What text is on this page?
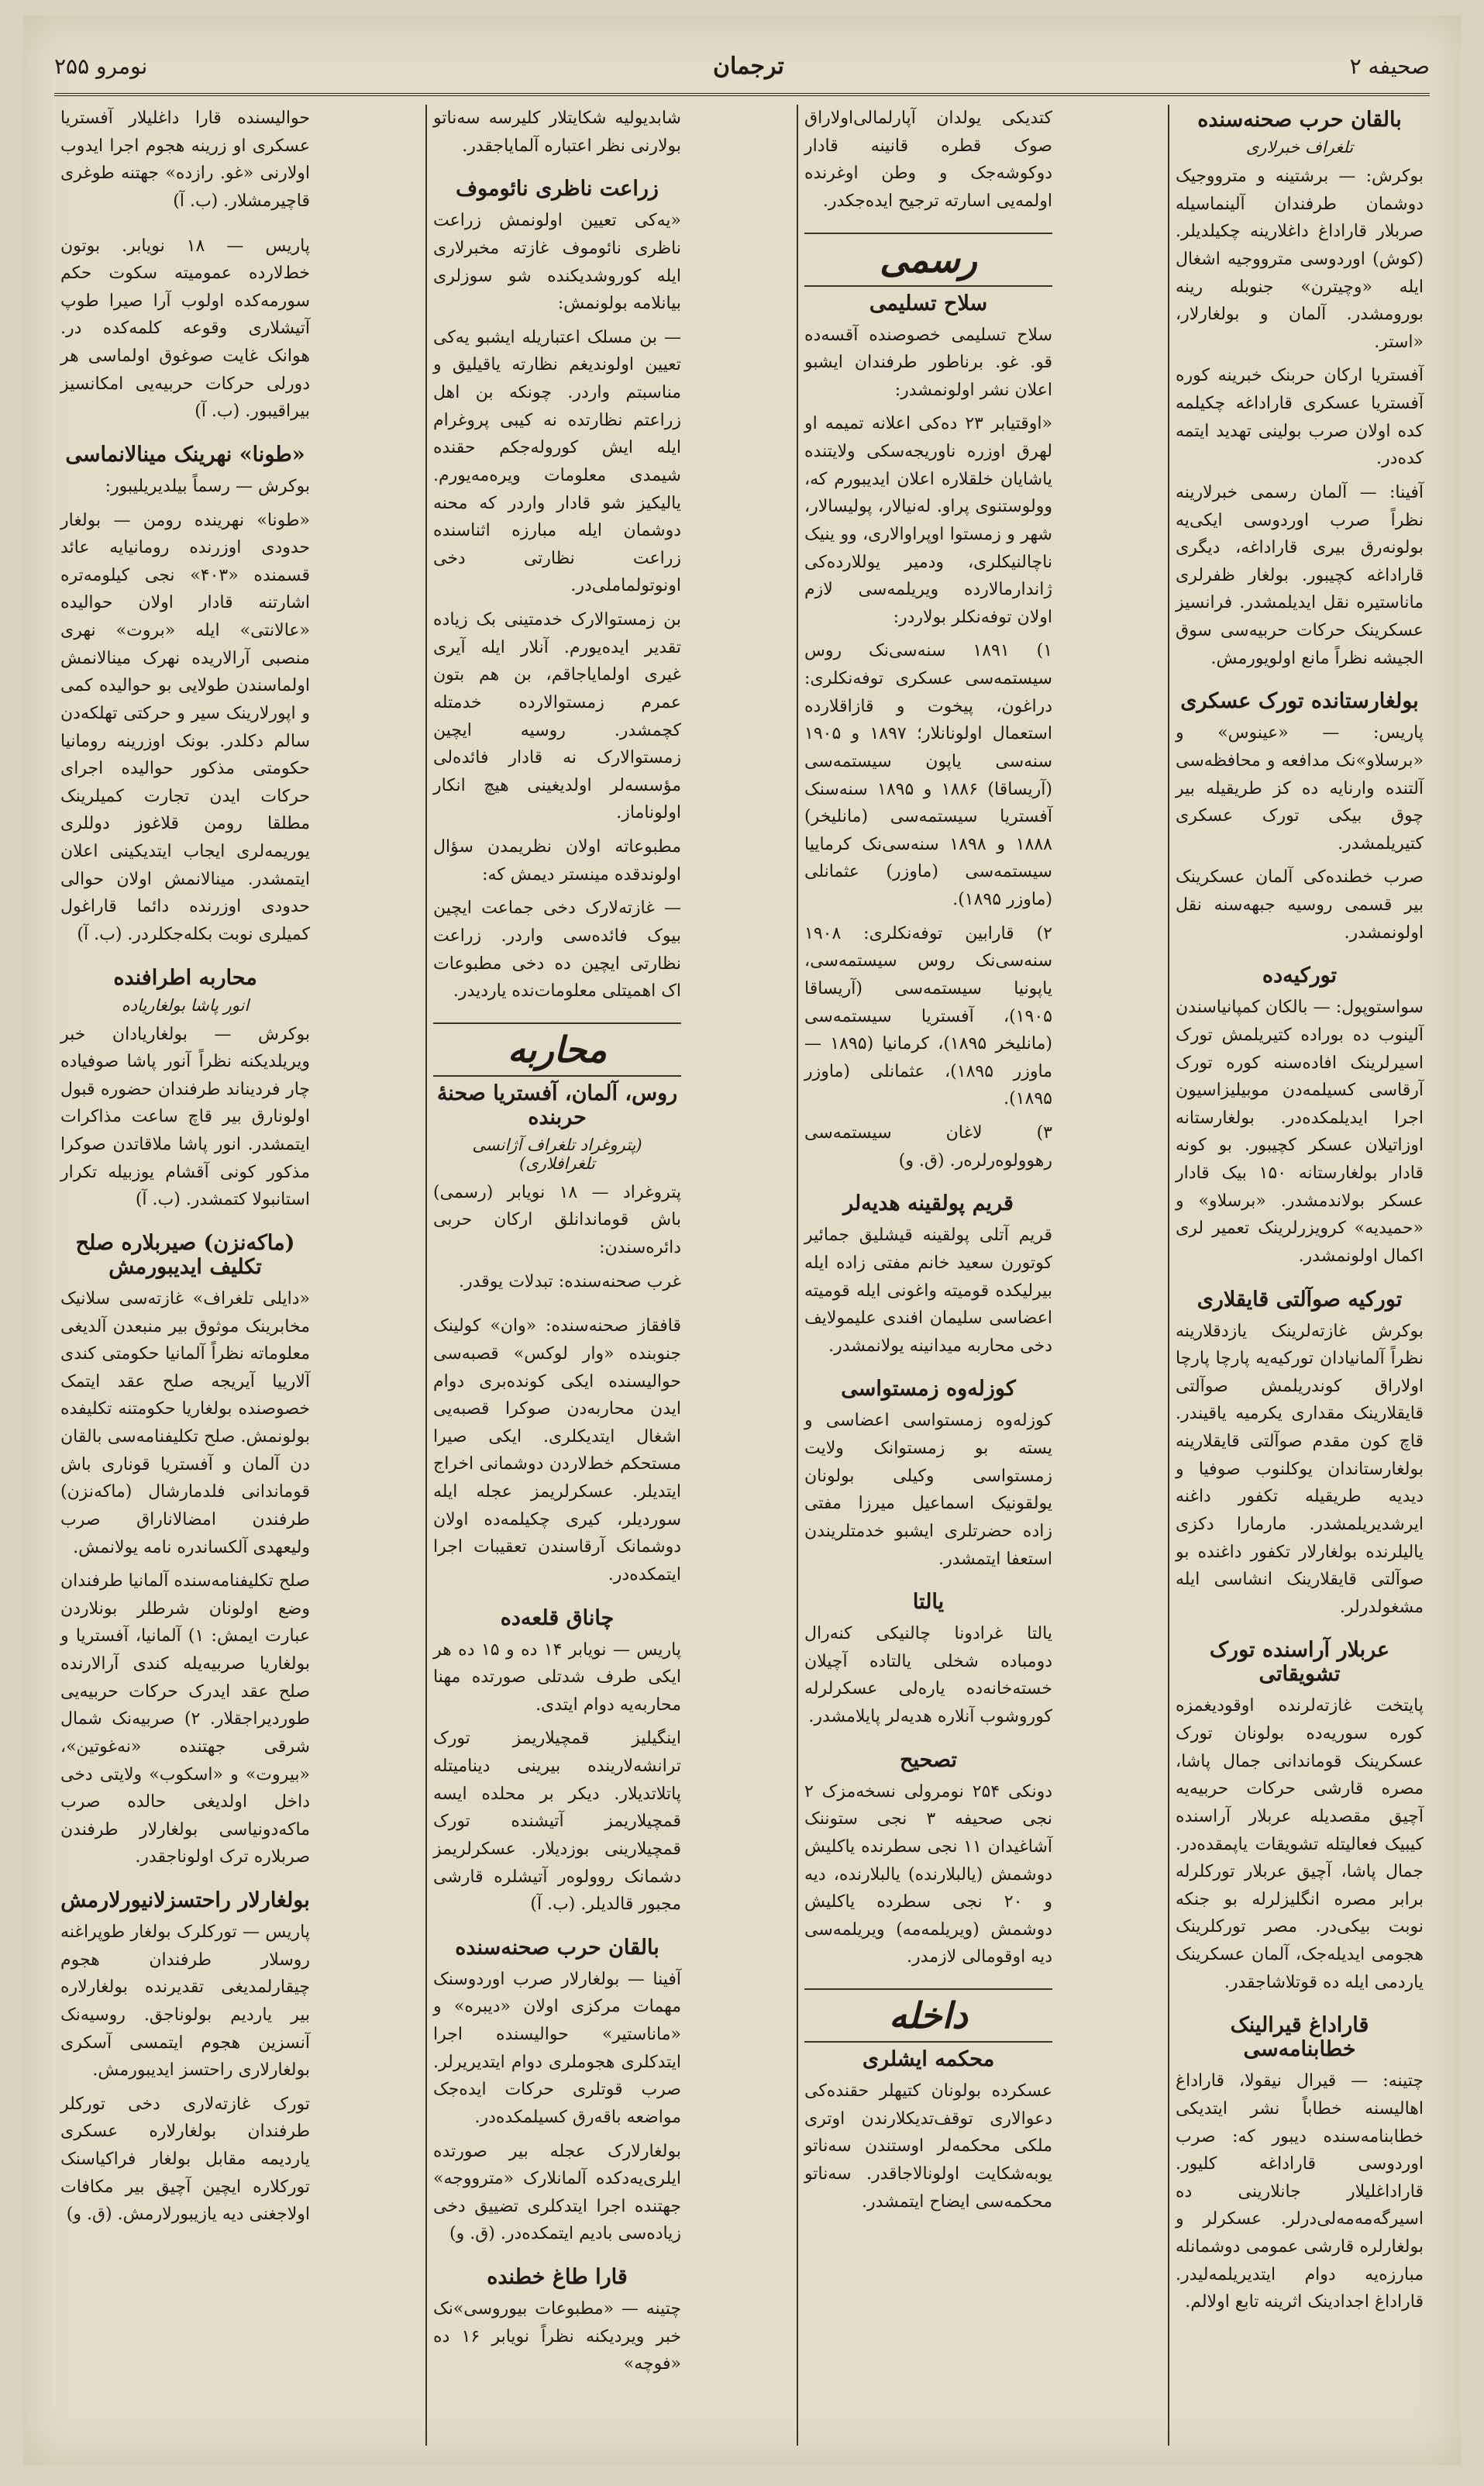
صحیفه ۲
ترجمان
نومرو ۲۵۵
بالقان حرب صحنه‌سنده
تلغراف خبرلاری

بوکرش: — برشتینه و مترووجیک دوشمان طرفندان آلینماسیله صربلار قاراداغ داغلارینه چکیلدیلر. (کوش) اوردوسی مترووجیه اشغال ایله «وچیترن» جنوبله رینه بورومشدر. آلمان و بولغارلار، «استر.

آفستریا ارکان حربنک خبرینه کوره آفستریا عسکری قاراداغه چکیلمه کده اولان صرب بولینی تهدید ایتمه کده‌در.

آفینا: — آلمان رسمی خبرلارینه نظراً صرب اوردوسی ایکی‌یه بولونه‌رق بیری قاراداغه، دیگری قاراداغه کچیبور. بولغار ظفرلری ماناستیره نقل ایدیلمشدر. فرانسیز عسکرینک حرکات حربیه‌سی سوق الجیشه نظراً مانع اولویورمش.

بولغارستانده تورک عسکری

پاریس: — «عینوس» و «برسلاو»نک مدافعه و محافظه‌سی آلتنده وارنایه ده کز طریقیله بیر چوق بیکی تورک عسکری کتیریلمشدر.

صرب خطنده‌کی آلمان عسکرینک بیر قسمی روسیه جبهه‌سنه نقل اولونمشدر.

تورکیه‌ده

سواستوپول: — بالکان کمپانیاسندن آلینوب ده بوراده کتیریلمش تورک اسیرلرینک افاده‌سنه کوره تورک آرقاسی کسیلمه‌دن موبیلیزاسیون اجرا ایدیلمکده‌در. بولغارستانه اوزاتیلان عسکر کچیبور. بو کونه قادار بولغارستانه ۱۵۰ بیک قادار عسکر بولاندمشدر. «برسلاو» و «حمیدیه» کرویزرلرینک تعمیر لری اکمال اولونمشدر.

تورکیه صوآلتی قایقلاری

بوکرش غازته‌لرینک یازدقلارینه نظراً آلمانیادان تورکیه‌یه پارچا پارچا اولاراق کوندریلمش صوآلتی قایقلارینک مقداری یکرمیه یاقیندر. قاچ کون مقدم صوآلتی قایقلارینه بولغارستاندان یوکلنوب صوفیا و دیدیه طریقیله تکفور داغنه ایرشدیریلمشدر. مارمارا دکزی یالیلرنده بولغارلار تکفور داغنده بو صوآلتی قایقلارینک انشاسی ایله مشغولدرلر.

عربلار آراسنده تورک تشویقاتی

پایتخت غازته‌لرنده اوقودیغمزه کوره سوریه‌ده بولونان تورک عسکرینک قوماندانی جمال پاشا، مصره قارشی حرکات حربیه‌یه آچیق مقصدیله عربلار آراسنده کیبیک فعالیتله تشویقات یاپمقده‌در. جمال پاشا، آچیق عربلار تورکلرله برابر مصره انگلیزلرله بو جنکه نوبت بیکی‌در. مصر تورکلرینک هجومی ایدیله‌جک، آلمان عسکرینک یاردمی ایله ده قوتلاشاجقدر.

قاراداغ قیرالینک خطابنامه‌سی

چتینه: — قیرال نیقولا، قاراداغ اهالیسنه خطاباً نشر ایتدیکی خطابنامه‌سنده دیبور که: صرب اوردوسی قاراداغه کلیور. قاراداغلیلار جانلارینی ده اسیرگه‌مه‌مه‌لی‌درلر. عسکرلر و بولغارلره قارشی عمومی دوشمانله مبارزه‌یه دوام ایتدیریلمه‌لیدر. قاراداغ اجدادینک اثرینه تابع اولالم.

کتدیکی یولدان آپارلمالی‌اولاراق صوک قطره قانینه قادار دوکوشه‌جک و وطن اوغرنده اولمه‌یی اسارته ترجیح ایده‌جکدر.

رسمی
سلاح تسلیمی

سلاح تسلیمی خصوصنده آقسه‌ده قو. غو. برناطور طرفندان ایشبو اعلان نشر اولونمشدر:

«اوقتیابر ۲۳ ده‌کی اعلانه تمیمه او لهرق اوزره ناوریجه‌سکی ولایتنده یاشایان خلقلاره اعلان ایدیبورم که، وولوستنوی پراو. له‌نیالار، پولیسالار، شهر و زمستوا اوپراوالاری، وو ینیک ناچالنیکلری، ودمیر یوللارده‌کی ژاندارمالارده ویریلمه‌سی لازم اولان توفه‌نکلر بولاردر:

۱) ۱۸۹۱ سنه‌سی‌نک روس سیستمه‌سی عسکری توفه‌نکلری: دراغون، پیخوت و قازاقلارده استعمال اولونانلار؛ ۱۸۹۷ و ۱۹۰۵ سنه‌سی یاپون سیستمه‌سی (آریساقا) ۱۸۸۶ و ۱۸۹۵ سنه‌سنک آفستریا سیستمه‌سی (مانلیخر) ۱۸۸۸ و ۱۸۹۸ سنه‌سی‌نک کرماییا سیستمه‌سی (ماوزر) عثمانلی (ماوزر ۱۸۹۵).

۲) قارابین توفه‌نکلری: ۱۹۰۸ سنه‌سی‌نک روس سیستمه‌سی، یاپونیا سیستمه‌سی (آریساقا ۱۹۰۵)، آفستریا سیستمه‌سی (مانلیخر ۱۸۹۵)، کرمانیا (۱۸۹۵ — ماوزر ۱۸۹۵)، عثمانلی (ماوزر ۱۸۹۵).

۳) لاغان سیستمه‌سی رهوولوه‌رلره‌ر. (ق. و)

قریم پولقینه هدیه‌لر

قریم آتلی پولقینه قیشلیق جمائیر کوتورن سعید خانم مفتی زاده ایله بیرلیکده قومیته واغونی ایله قومیته اعضاسی سلیمان افندی علیمولایف دخی محاربه میدانینه یولانمشدر.

کوزله‌وه زمستواسی

کوزله‌وه زمستواسی اعضاسی و یسته بو زمستوانک ولایت زمستواسی وکیلی بولونان یولقونیک اسماعیل میرزا مفتی زاده حضرتلری ایشبو خدمتلریندن استعفا ایتمشدر.

یالتا

یالتا غرادونا چالنیکی کنه‌رال دومباده شخلی یالتاده آچیلان خسته‌خانه‌ده یاره‌لی عسکرلرله کوروشوب آنلاره هدیه‌لر پایلامشدر.

تصحیح

دونکی ۲۵۴ نومرولی نسخه‌مزک ۲ نجی صحیفه ۳ نجی ستوننک آشاغیدان ۱۱ نجی سطرنده یاکلیش دوشمش (یالبلارنده) یالبلارنده، دیه و ۲۰ نجی سطرده یاکلیش دوشمش (ویریلمه‌مه) ویریلمه‌سی دیه اوقومالی لازمدر.

داخله
محکمه ایشلری

عسکرده بولونان کتیهلر حقنده‌کی دعوالاری توقف‌تدیکلارندن اوتری ملکی محکمه‌لر اوستندن سه‌ناتو یوبه‌شکایت اولونالاجاقدر. سه‌ناتو محکمه‌سی ایضاح ایتمشدر.

شابدیولیه شکایتلار کلیرسه سه‌ناتو بولارنی نظر اعتباره آلمایاجقدر.

زراعت ناظری نائوموف

«یه‌کی تعیین اولونمش زراعت ناظری نائوموف غازته مخبرلاری ایله کوروشدیکنده شو سوزلری بیانلامه بولونمش:

— بن مسلک اعتباریله ایشبو یه‌کی تعیین اولوندیغم نظارته یاقیلیق و مناسبتم واردر. چونکه بن اهل زراعتم نظارتده نه کیبی پروغرام ایله ایش کوروله‌جکم حقنده شیمدی معلومات ویره‌مه‌یورم. یالیکیز شو قادار واردر که محنه دوشمان ایله مبارزه اثناسنده زراعت نظارتی دخی اونوتولماملی‌در.

بن زمستوالارک خدمتینی بک زیاده تقدیر ایده‌یورم. آنلار ایله آیری غیری اولمایاجاقم، بن هم بتون عمرم زمستوالارده خدمتله کچمشدر. روسیه ایچین زمستوالارک نه قادار فائده‌لی مؤسسه‌لر اولدیغینی هیچ انکار اولوناماز.

مطبوعاته اولان نظریمدن سؤال اولوندقده مینستر دیمش که:

— غازته‌لارک دخی جماعت ایچین بیوک فائده‌سی واردر. زراعت نظارتی ایچین ده دخی مطبوعات اک اهمیتلی معلومات‌نده یاردیدر.

محاربه
روس، آلمان، آفستریا صحنهٔ حربنده
(پتروغراد تلغراف آژانسی تلغرافلاری)

پتروغراد — ۱۸ نویابر (رسمی) باش قوماندانلق ارکان حربی دائره‌سندن:

غرب صحنه‌سنده: تبدلات یوقدر.

قافقاز صحنه‌سنده: «وان» کولینک جنوبنده «وار لوکس» قصبه‌سی حوالیسنده ایکی کونده‌بری دوام ایدن محاربه‌دن صوکرا قصبه‌یی اشغال ایتدیکلری. ایکی صیرا مستحکم خط‌لاردن دوشمانی اخراج ایتدیلر. عسکرلریمز عجله ایله سوردیلر، کیری چکیلمه‌ده اولان دوشمانک آرقاسندن تعقیبات اجرا ایتمکده‌در.

چاناق قلعه‌ده

پاریس — نویابر ۱۴ ده و ۱۵ ده هر ایکی طرف شدتلی صورتده مهنا محاربه‌یه دوام ایتدی.

اینگیلیز قمچیلاریمز تورک ترانشه‌لارینده بیرینی دینامیتله پاتلاتدیلار. دیکر بر محلده ایسه قمچیلاریمز آتیشنده تورک قمچیلارینی بوزدیلار. عسکرلریمز دشمانک روولوه‌ر آتیشلره قارشی مجبور قالدیلر. (ب. آ)

بالقان حرب صحنه‌سنده

آفینا — بولغارلار صرب اوردوسنک مهمات مرکزی اولان «دیبره» و «ماناستیر» حوالیسنده اجرا ایتدکلری هجوملری دوام ایتدیریرلر. صرب قوتلری حرکات ایده‌جک مواضعه باقه‌رق کسیلمکده‌در.

بولغارلارک عجله بیر صورتده ایلری‌یه‌دکده آلمانلارک «مترووجه» جهتنده اجرا ایتدکلری تضییق دخی زیاده‌سی بادیم ایتمکده‌در. (ق. و)

قارا طاغ خطنده

چتینه — «مطبوعات بیوروسی»نک خبر ویردیکنه نظراً نویابر ۱۶ ده «فوچه»

حوالیسنده قارا داغلیلار آفستریا عسکری او زرینه هجوم اجرا ایدوب اولارنی «غو. رازده» جهتنه طوغری قاچیرمشلار. (ب. آ)

پاریس — ۱۸ نویابر. بوتون خط‌لارده عمومیته سکوت حکم سورمه‌کده اولوب آرا صیرا طوپ آتیشلاری وقوعه کلمه‌کده در. هوانک غایت صوغوق اولماسی هر دورلی حرکات حربیه‌یی امکانسیز بیراقیبور. (ب. آ)

«طونا» نهرینک مینالانماسی

بوکرش — رسماً بیلدیریلیبور:

«طونا» نهرینده رومن — بولغار حدودی اوزرنده رومانیایه عائد قسمنده «۴۰۳» نجی کیلومه‌تره اشارتنه قادار اولان حوالیده «عالانتی» ایله «بروت» نهری منصبی آرالاریده نهرک مینالانمش اولماسندن طولایی بو حوالیده کمی و اپورلارینک سیر و حرکتی تهلکه‌دن سالم دکلدر. بونک اوزرینه رومانیا حکومتی مذکور حوالیده اجرای حرکات ایدن تجارت کمیلرینک مطلقا رومن قلاغوز دوللری یوریمه‌لری ایجاب ایتدیکینی اعلان ایتمشدر. مینالانمش اولان حوالی حدودی اوزرنده دائما قاراغول کمیلری نوبت بکله‌جکلردر. (ب. آ)

محاربه اطرافنده
انور پاشا بولغاریاده

بوکرش — بولغاریادان خبر ویریلدیکنه نظراً آنور پاشا صوفیاده چار فردیناند طرفندان حضوره قبول اولونارق بیر قاچ ساعت مذاکرات ایتمشدر. انور پاشا ملاقاتدن صوکرا مذکور کونی آقشام یوزبیله تکرار استانبولا کتمشدر. (ب. آ)

(ماکه‌نزن) صیربلاره صلح تکلیف ایدیبورمش

«دایلی تلغراف» غازته‌سی سلانیک مخابرینک موثوق بیر منبعدن آلدیغی معلوماته نظراً آلمانیا حکومتی کندی آلارییا آیریجه صلح عقد ایتمک خصوصنده بولغاریا حکومتنه تکلیفده بولونمش. صلح تکلیفنامه‌سی بالقان دن آلمان و آفستریا قوناری باش قوماندانی فلدمارشال (ماکه‌نزن) طرفندن امضالاناراق صرب ولیعهدی آلکساندره نامه یولانمش.

صلح تکلیفنامه‌سنده آلمانیا طرفندان وضع اولونان شرطلر بونلاردن عبارت ایمش: ۱) آلمانیا، آفستریا و بولغاریا صربیه‌یله کندی آرالارنده صلح عقد ایدرک حرکات حربیه‌یی طوردیراجقلار. ۲) صربیه‌نک شمال شرقی جهتنده «نه‌غوتین»، «بیروت» و «اسکوب» ولایتی دخی داخل اولدیغی حالده صرب ماکه‌دونیاسی بولغارلار طرفندن صربلاره ترک اولوناجقدر.

بولغارلار راحتسزلانیورلارمش

پاریس — تورکلرک بولغار طوپراغنه روسلار طرفندان هجوم چیقارلمدیغی تقدیرنده بولغارلاره بیر یاردیم بولوناجق. روسیه‌نک آنسزین هجوم ایتمسی آسکری بولغارلاری راحتسز ایدیبورمش.

تورک غازته‌لاری دخی تورکلر طرفندان بولغارلاره عسکری یاردیمه مقابل بولغار فراکیاسنک تورکلاره ایچین آچیق بیر مکافات اولاجغنی دیه یازیبورلارمش. (ق. و)
